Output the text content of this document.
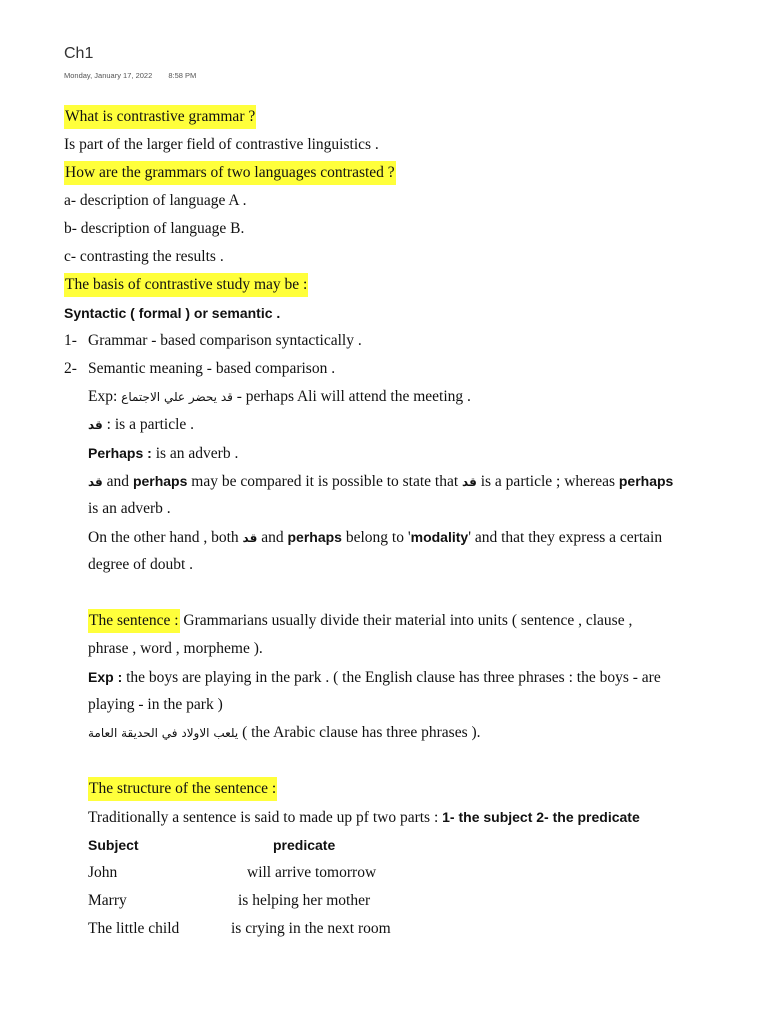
Ch1
Monday, January 17, 2022 8:58 PM
What is contrastive grammar ?
Is part of the larger field of contrastive linguistics .
How are the grammars of two languages contrasted ?
a- description of language A .
b- description of language B.
c- contrasting the results .
The basis of contrastive study may be :
Syntactic ( formal ) or semantic .
1- Grammar - based comparison syntactically .
2- Semantic meaning - based comparison .
Exp: قد يحضر علي الاجتماع - perhaps Ali will attend the meeting .
قد : is a particle .
Perhaps : is an adverb .
قد and perhaps may be compared it is possible to state that قد is a particle ; whereas perhaps
is an adverb .
On the other hand , both قد and perhaps belong to 'modality' and that they express a certain
degree of doubt .
The sentence : Grammarians usually divide their material into units ( sentence , clause ,
phrase , word , morpheme ).
Exp : the boys are playing in the park . ( the English clause has three phrases : the boys - are
playing - in the park )
يلعب الاولاد في الحديقة العامة ( the Arabic clause has three phrases ).
The structure of the sentence :
Traditionally a sentence is said to made up pf two parts : 1- the subject 2- the predicate
Subject	predicate
John	will arrive tomorrow
Marry	is helping her mother
The little child	is crying in the next room
